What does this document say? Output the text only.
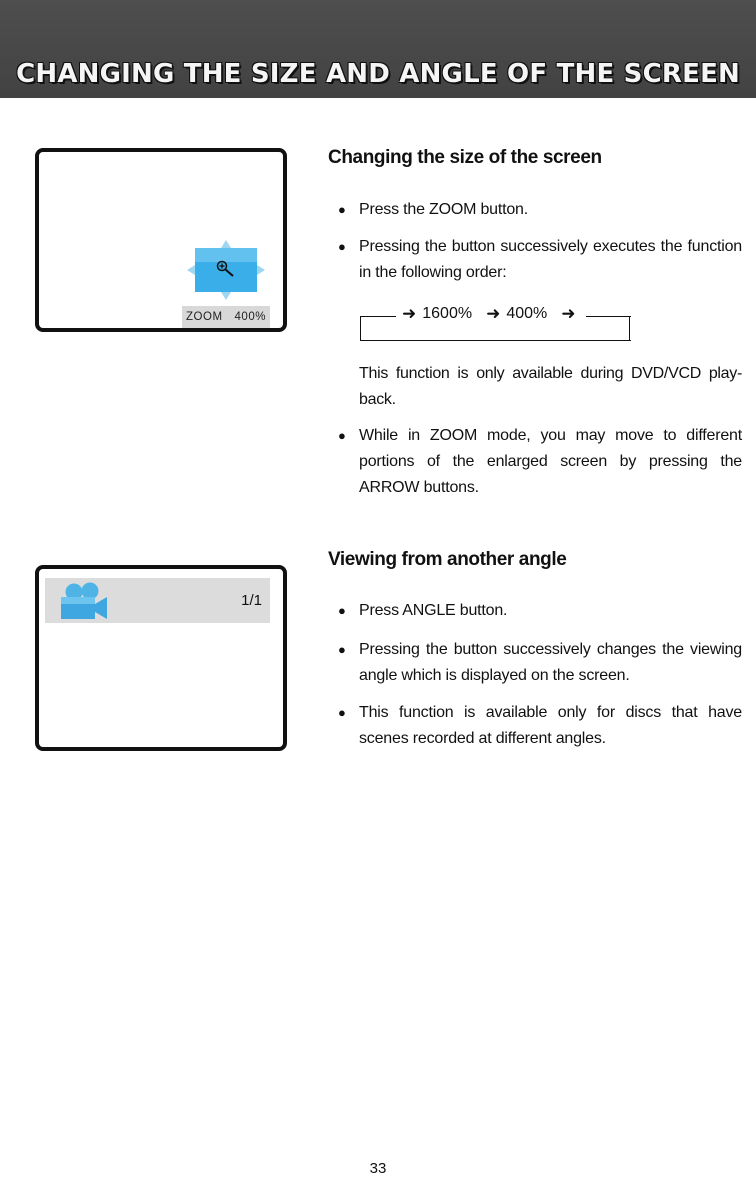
CHANGING THE SIZE AND ANGLE OF THE SCREEN
ZOOM 400%
1/1
Changing the size of the screen
● Press the ZOOM button.
● Pressing the button successively executes the function in the following order:
➜ 1600% ➜ 400% ➜
This function is only available during DVD/VCD play-back.
● While in ZOOM mode, you may move to different portions of the enlarged screen by pressing the ARROW buttons.
Viewing from another angle
● Press ANGLE button.
● Pressing the button successively changes the viewing angle which is displayed on the screen.
● This function is available only for discs that have scenes recorded at different angles.
33
